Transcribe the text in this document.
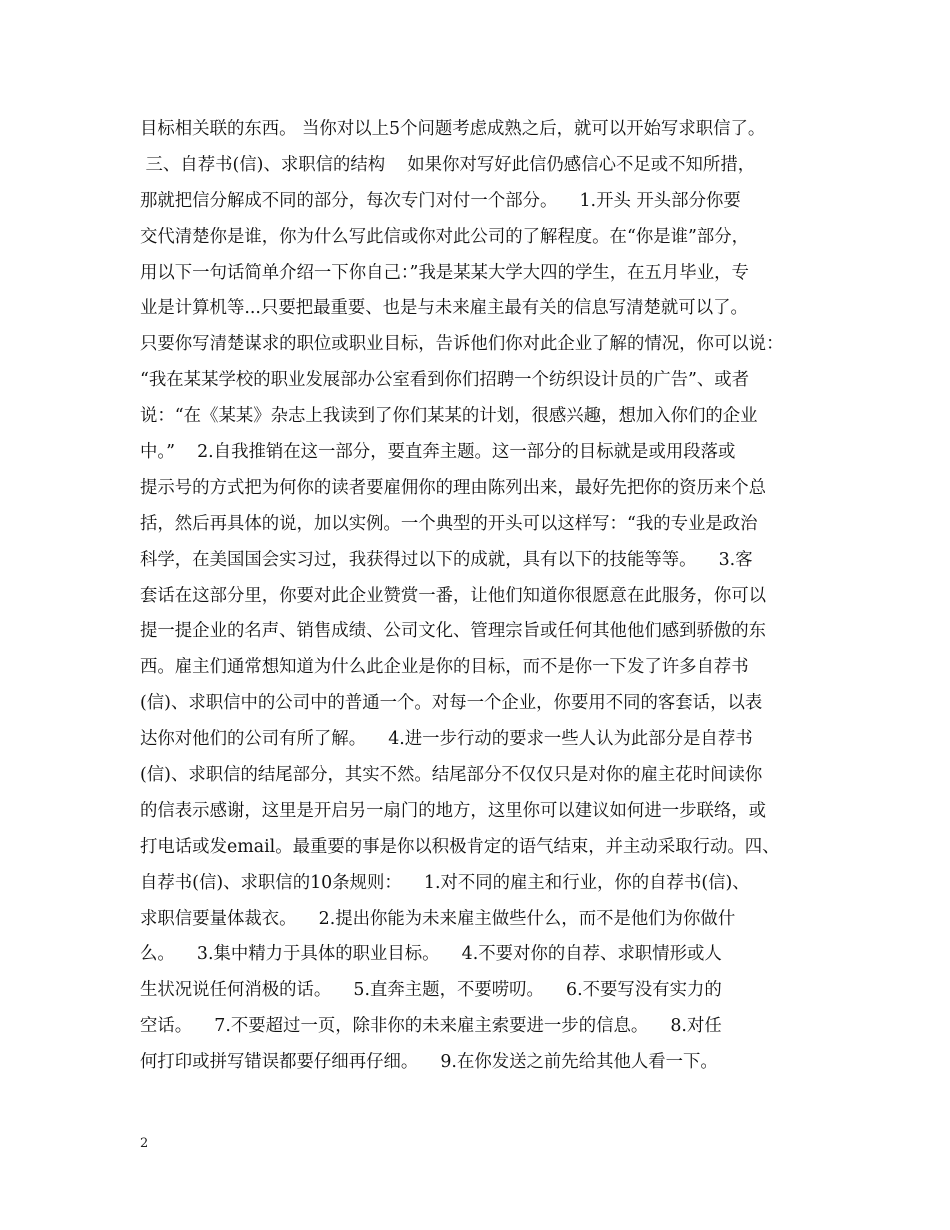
目标相关联的东西。 当你对以上5个问题考虑成熟之后，就可以开始写求职信了。
三、自荐书(信)、求职信的结构    如果你对写好此信仍感信心不足或不知所措，
那就把信分解成不同的部分，每次专门对付一个部分。    1.开头 开头部分你要
交代清楚你是谁，你为什么写此信或你对此公司的了解程度。在“你是谁”部分，
用以下一句话简单介绍一下你自己：”我是某某大学大四的学生，在五月毕业，专
业是计算机等...只要把最重要、也是与未来雇主最有关的信息写清楚就可以了。
只要你写清楚谋求的职位或职业目标，告诉他们你对此企业了解的情况，你可以说：
“我在某某学校的职业发展部办公室看到你们招聘一个纺织设计员的广告”、或者
说：“在《某某》杂志上我读到了你们某某的计划，很感兴趣，想加入你们的企业
中。”    2.自我推销在这一部分，要直奔主题。这一部分的目标就是或用段落或
提示号的方式把为何你的读者要雇佣你的理由陈列出来，最好先把你的资历来个总
括，然后再具体的说，加以实例。一个典型的开头可以这样写：“我的专业是政治
科学，在美国国会实习过，我获得过以下的成就，具有以下的技能等等。    3.客
套话在这部分里，你要对此企业赞赏一番，让他们知道你很愿意在此服务，你可以
提一提企业的名声、销售成绩、公司文化、管理宗旨或任何其他他们感到骄傲的东
西。雇主们通常想知道为什么此企业是你的目标，而不是你一下发了许多自荐书
(信)、求职信中的公司中的普通一个。对每一个企业，你要用不同的客套话，以表
达你对他们的公司有所了解。    4.进一步行动的要求一些人认为此部分是自荐书
(信)、求职信的结尾部分，其实不然。结尾部分不仅仅只是对你的雇主花时间读你
的信表示感谢，这里是开启另一扇门的地方，这里你可以建议如何进一步联络，或
打电话或发email。最重要的事是你以积极肯定的语气结束，并主动采取行动。四、
自荐书(信)、求职信的10条规则：    1.对不同的雇主和行业，你的自荐书(信)、
求职信要量体裁衣。    2.提出你能为未来雇主做些什么，而不是他们为你做什
么。    3.集中精力于具体的职业目标。    4.不要对你的自荐、求职情形或人
生状况说任何消极的话。    5.直奔主题，不要唠叨。    6.不要写没有实力的
空话。    7.不要超过一页，除非你的未来雇主索要进一步的信息。    8.对任
何打印或拼写错误都要仔细再仔细。    9.在你发送之前先给其他人看一下。
2
